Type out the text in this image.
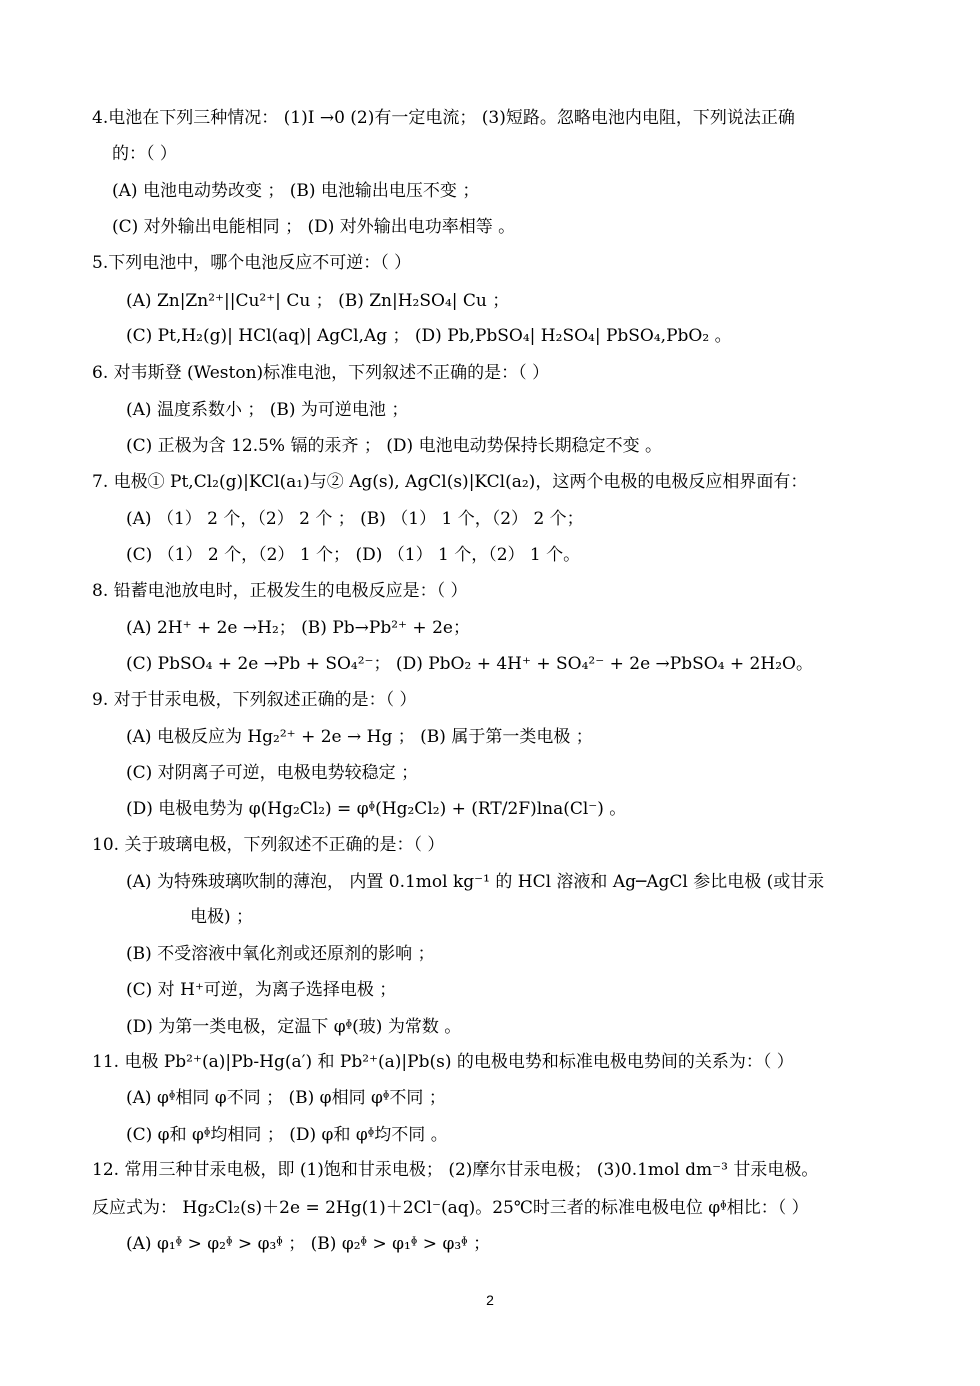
4.电池在下列三种情况： (1)I →0 (2)有一定电流； (3)短路。忽略电池内电阻，下列说法正确
的：（ ）
(A) 电池电动势改变 ； (B) 电池输出电压不变 ；
(C) 对外输出电能相同 ； (D) 对外输出电功率相等 。
5.下列电池中，哪个电池反应不可逆：（ ）
(A) Zn|Zn²⁺||Cu²⁺| Cu ； (B) Zn|H₂SO₄| Cu ；
(C) Pt,H₂(g)| HCl(aq)| AgCl,Ag ； (D) Pb,PbSO₄| H₂SO₄| PbSO₄,PbO₂ 。
6. 对韦斯登 (Weston)标准电池，下列叙述不正确的是：（ ）
(A) 温度系数小 ； (B) 为可逆电池 ；
(C) 正极为含 12.5% 镉的汞齐 ； (D) 电池电动势保持长期稳定不变 。
7. 电极① Pt,Cl₂(g)|KCl(a₁)与② Ag(s), AgCl(s)|KCl(a₂)，这两个电极的电极反应相界面有：
(A) （1） 2 个，（2） 2 个 ； (B) （1） 1 个，（2） 2 个；
(C) （1） 2 个，（2） 1 个； (D) （1） 1 个，（2） 1 个。
8. 铅蓄电池放电时，正极发生的电极反应是：（ ）
(A) 2H⁺ + 2e →H₂； (B) Pb→Pb²⁺ + 2e；
(C) PbSO₄ + 2e →Pb + SO₄²⁻； (D) PbO₂ + 4H⁺ + SO₄²⁻ + 2e →PbSO₄ + 2H₂O。
9. 对于甘汞电极，下列叙述正确的是：（ ）
(A) 电极反应为 Hg₂²⁺ + 2e → Hg ； (B) 属于第一类电极 ；
(C) 对阴离子可逆，电极电势较稳定 ；
(D) 电极电势为 φ(Hg₂Cl₂) = φᶲ(Hg₂Cl₂) + (RT/2F)lna(Cl⁻) 。
10. 关于玻璃电极，下列叙述不正确的是：（ ）
(A) 为特殊玻璃吹制的薄泡， 内置 0.1mol kg⁻¹ 的 HCl 溶液和 Ag─AgCl 参比电极 (或甘汞
电极) ；
(B) 不受溶液中氧化剂或还原剂的影响 ；
(C) 对 H⁺可逆，为离子选择电极 ；
(D) 为第一类电极，定温下 φᶲ(玻) 为常数 。
11. 电极 Pb²⁺(a)|Pb-Hg(a′) 和 Pb²⁺(a)|Pb(s) 的电极电势和标准电极电势间的关系为：（ ）
(A) φᶲ相同 φ不同 ； (B) φ相同 φᶲ不同 ；
(C) φ和 φᶲ均相同 ； (D) φ和 φᶲ均不同 。
12. 常用三种甘汞电极，即 (1)饱和甘汞电极； (2)摩尔甘汞电极； (3)0.1mol dm⁻³ 甘汞电极。
反应式为： Hg₂Cl₂(s)＋2e = 2Hg(1)＋2Cl⁻(aq)。25℃时三者的标准电极电位 φᶲ相比：（ ）
(A) φ₁ᶲ > φ₂ᶲ > φ₃ᶲ ； (B) φ₂ᶲ > φ₁ᶲ > φ₃ᶲ ；
2
